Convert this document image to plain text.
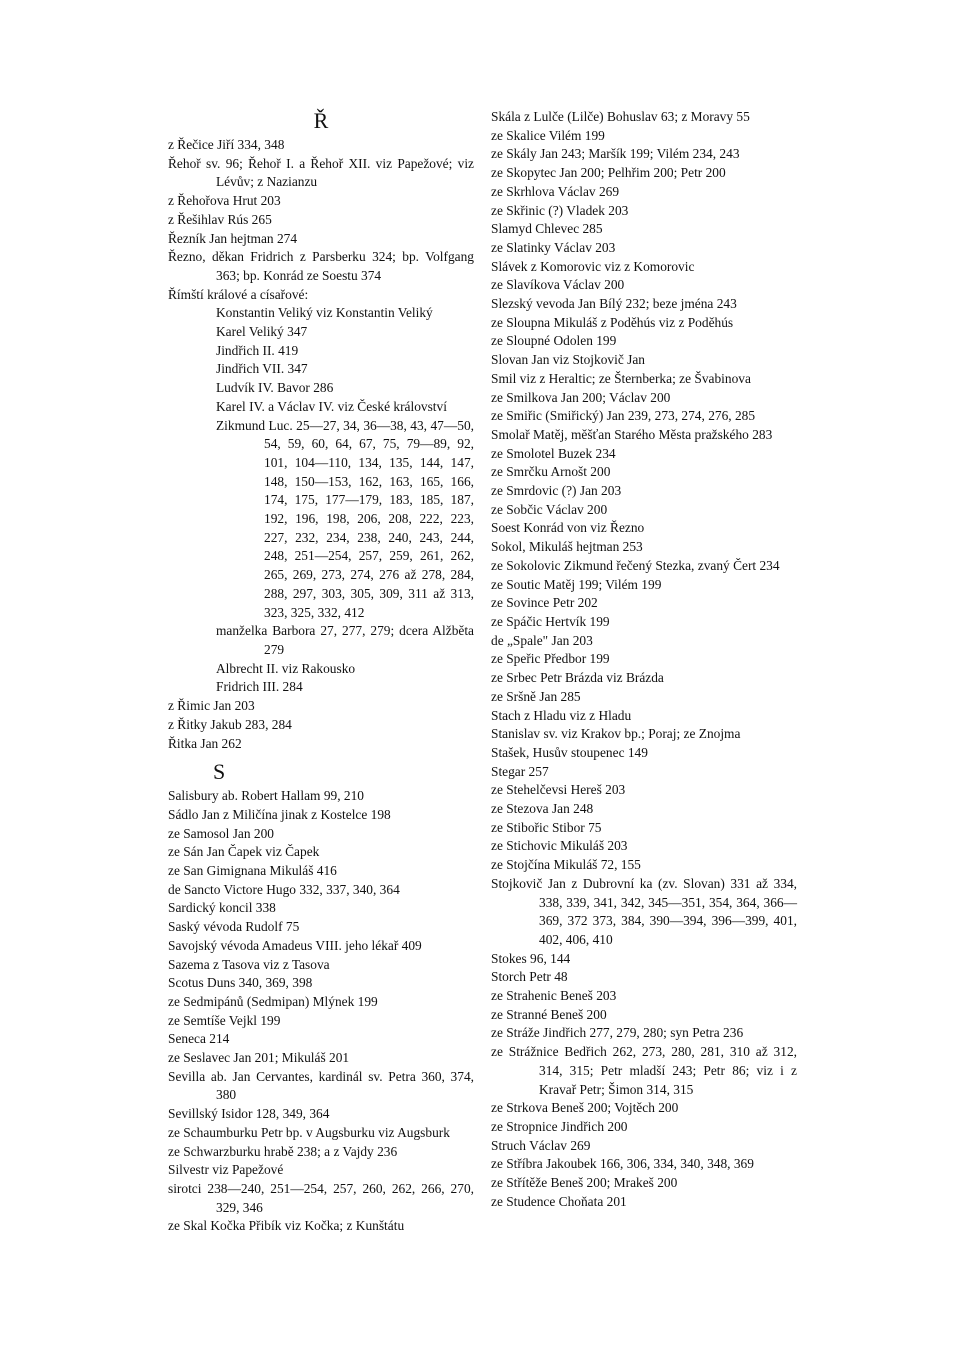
Ř

z Řečice Jiří 334, 348

Řehoř sv. 96; Řehoř I. a Řehoř XII. viz Papežové; viz Lévův; z Nazianzu

z Řehořova Hrut 203

z Řešihlav Rús 265

Řezník Jan hejtman 274

Řezno, děkan Fridrich z Parsberku 324; bp. Volfgang 363; bp. Konrád ze Soestu 374

Římští králové a císařové:

Konstantin Veliký viz Konstantin Veliký

Karel Veliký 347

Jindřich II. 419

Jindřich VII. 347

Ludvík IV. Bavor 286

Karel IV. a Václav IV. viz České království

Zikmund Luc. 25—27, 34, 36—38, 43, 47—50, 54, 59, 60, 64, 67, 75, 79—89, 92, 101, 104—110, 134, 135, 144, 147, 148, 150—153, 162, 163, 165, 166, 174, 175, 177—179, 183, 185, 187, 192, 196, 198, 206, 208, 222, 223, 227, 232, 234, 238, 240, 243, 244, 248, 251—254, 257, 259, 261, 262, 265, 269, 273, 274, 276 až 278, 284, 288, 297, 303, 305, 309, 311 až 313, 323, 325, 332, 412

manželka Barbora 27, 277, 279; dcera Alžběta 279

Albrecht II. viz Rakousko

Fridrich III. 284

z Řimic Jan 203

z Řitky Jakub 283, 284

Řitka Jan 262

S

Salisbury ab. Robert Hallam 99, 210

Sádlo Jan z Miličína jinak z Kostelce 198

ze Samosol Jan 200

ze Sán Jan Čapek viz Čapek

ze San Gimignana Mikuláš 416

de Sancto Victore Hugo 332, 337, 340, 364

Sardický koncil 338

Saský vévoda Rudolf 75

Savojský vévoda Amadeus VIII. jeho lékař 409

Sazema z Tasova viz z Tasova

Scotus Duns 340, 369, 398

ze Sedmipánů (Sedmipan) Mlýnek 199

ze Semtíše Vejkl 199

Seneca 214

ze Seslavec Jan 201; Mikuláš 201

Sevilla ab. Jan Cervantes, kardinál sv. Petra 360, 374, 380

Sevillský Isidor 128, 349, 364

ze Schaumburku Petr bp. v Augsburku viz Augsburk

ze Schwarzburku hrabě 238; a z Vajdy 236

Silvestr viz Papežové

sirotci 238—240, 251—254, 257, 260, 262, 266, 270, 329, 346

ze Skal Kočka Přibík viz Kočka; z Kunštátu

Skála z Lulče (Lilče) Bohuslav 63; z Moravy 55

ze Skalice Vilém 199

ze Skály Jan 243; Maršík 199; Vilém 234, 243

ze Skopytec Jan 200; Pelhřim 200; Petr 200

ze Skrhlova Václav 269

ze Skřinic (?) Vladek 203

Slamyd Chlevec 285

ze Slatinky Václav 203

Slávek z Komorovic viz z Komorovic

ze Slavíkova Václav 200

Slezský vevoda Jan Bílý 232; beze jména 243

ze Sloupna Mikuláš z Poděhús viz z Poděhús

ze Sloupné Odolen 199

Slovan Jan viz Stojkovič Jan

Smil viz z Heraltic; ze Šternberka; ze Švabinova

ze Smilkova Jan 200; Václav 200

ze Smiřic (Smiřický) Jan 239, 273, 274, 276, 285

Smolař Matěj, měšťan Starého Města pražského 283

ze Smolotel Buzek 234

ze Smrčku Arnošt 200

ze Smrdovic (?) Jan 203

ze Sobčic Václav 200

Soest Konrád von viz Řezno

Sokol, Mikuláš hejtman 253

ze Sokolovic Zikmund řečený Stezka, zvaný Čert 234

ze Soutic Matěj 199; Vilém 199

ze Sovince Petr 202

ze Spáčic Hertvík 199

de „Spale" Jan 203

ze Speřic Předbor 199

ze Srbec Petr Brázda viz Brázda

ze Sršně Jan 285

Stach z Hladu viz z Hladu

Stanislav sv. viz Krakov bp.; Poraj; ze Znojma

Stašek, Husův stoupenec 149

Stegar 257

ze Stehelčevsi Hereš 203

ze Stezova Jan 248

ze Stibořic Stibor 75

ze Stichovic Mikuláš 203

ze Stojčína Mikuláš 72, 155

Stojkovič Jan z Dubrovní ka (zv. Slovan) 331 až 334, 338, 339, 341, 342, 345—351, 354, 364, 366—369, 372 373, 384, 390—394, 396—399, 401, 402, 406, 410

Stokes 96, 144

Storch Petr 48

ze Strahenic Beneš 203

ze Stranné Beneš 200

ze Stráže Jindřich 277, 279, 280; syn Petra 236

ze Strážnice Bedřich 262, 273, 280, 281, 310 až 312, 314, 315; Petr mladší 243; Petr 86; viz i z Kravař Petr; Šimon 314, 315

ze Strkova Beneš 200; Vojtěch 200

ze Stropnice Jindřich 200

Struch Václav 269

ze Stříbra Jakoubek 166, 306, 334, 340, 348, 369

ze Střítěže Beneš 200; Mrakeš 200

ze Studence Choňata 201
